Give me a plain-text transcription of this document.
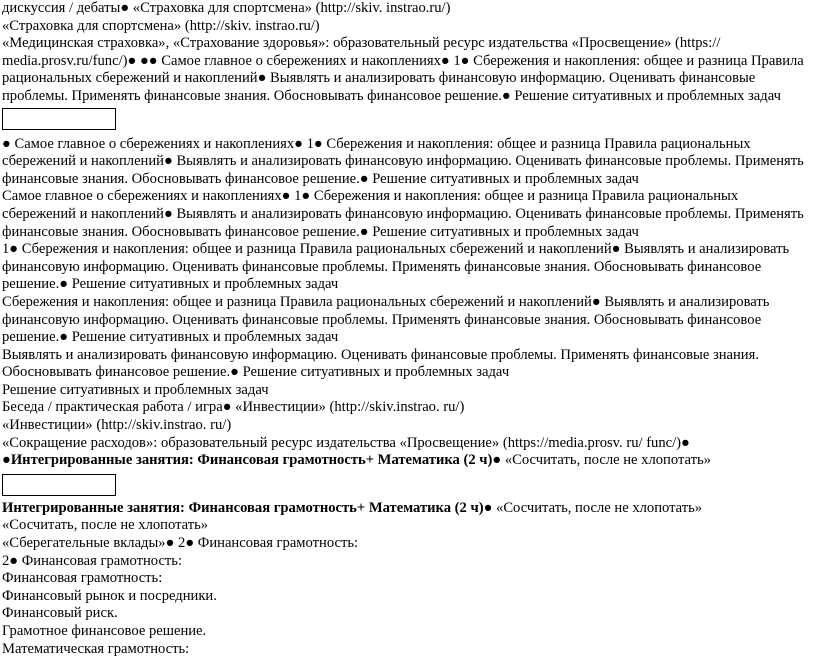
дискуссия / дебаты● «Страховка для спортсмена» (http://skiv. instrao.ru/)

«Страховка для спортсмена» (http://skiv. instrao.ru/)

«Медицинская страховка», «Страхование здоровья»: образовательный ресурс издательства «Просвещение» (https:// media.prosv.ru/func/)● ●● Самое главное о сбережениях и накоплениях● 1● Сбережения и накопления: общее и разница Правила рациональных сбережений и накоплений● Выявлять и анализировать финансовую информацию. Оценивать финансовые проблемы. Применять финансовые знания. Обосновывать финансовое решение.● Решение ситуативных и проблемных задач

● Самое главное о сбережениях и накоплениях● 1● Сбережения и накопления: общее и разница Правила рациональных сбережений и накоплений● Выявлять и анализировать финансовую информацию. Оценивать финансовые проблемы. Применять финансовые знания. Обосновывать финансовое решение.● Решение ситуативных и проблемных задач

Самое главное о сбережениях и накоплениях● 1● Сбережения и накопления: общее и разница Правила рациональных сбережений и накоплений● Выявлять и анализировать финансовую информацию. Оценивать финансовые проблемы. Применять финансовые знания. Обосновывать финансовое решение.● Решение ситуативных и проблемных задач

1● Сбережения и накопления: общее и разница Правила рациональных сбережений и накоплений● Выявлять и анализировать финансовую информацию. Оценивать финансовые проблемы. Применять финансовые знания. Обосновывать финансовое решение.● Решение ситуативных и проблемных задач

Сбережения и накопления: общее и разница Правила рациональных сбережений и накоплений● Выявлять и анализировать финансовую информацию. Оценивать финансовые проблемы. Применять финансовые знания. Обосновывать финансовое решение.● Решение ситуативных и проблемных задач

Выявлять и анализировать финансовую информацию. Оценивать финансовые проблемы. Применять финансовые знания. Обосновывать финансовое решение.● Решение ситуативных и проблемных задач

Решение ситуативных и проблемных задач

Беседа / практическая работа / игра● «Инвестиции» (http://skiv.instrao. ru/)

«Инвестиции» (http://skiv.instrao. ru/)

«Сокращение расходов»: образовательный ресурс издательства «Просвещение» (https://media.prosv. ru/ func/)● ●Интегрированные занятия: Финансовая грамотность+ Математика (2 ч)● «Сосчитать, после не хлопотать»

Интегрированные занятия: Финансовая грамотность+ Математика (2 ч)● «Сосчитать, после не хлопотать»

«Сосчитать, после не хлопотать»

«Сберегательные вклады»● 2● Финансовая грамотность:

2● Финансовая грамотность:

Финансовая грамотность:

Финансовый рынок и посредники.

Финансовый риск.

Грамотное финансовое решение.

Математическая грамотность:
